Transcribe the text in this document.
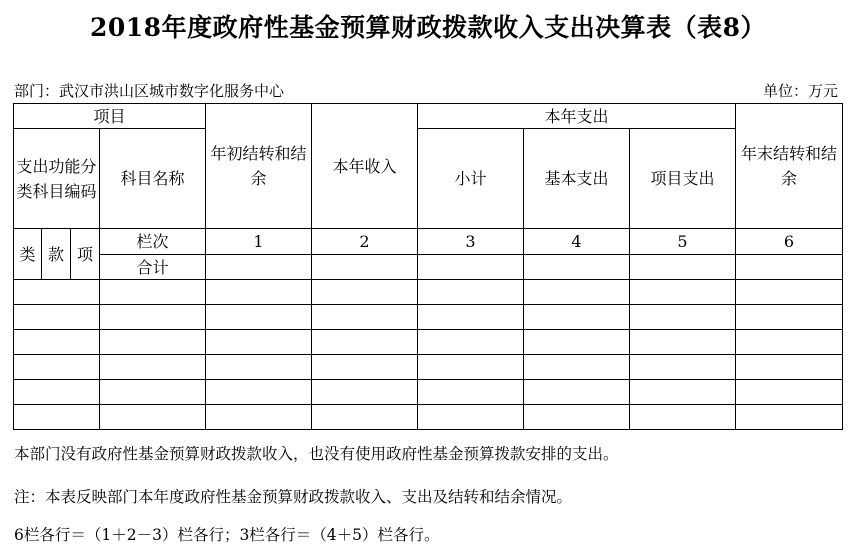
2018年度政府性基金预算财政拨款收入支出决算表（表8）
部门：武汉市洪山区城市数字化服务中心	单位：万元
项目				年初结转和结余	本年收入	本年支出			年末结转和结余
支出功能分类科目编码			科目名称			小计	基本支出	项目支出	
类	款	项	栏次	1	2	3	4	5	6
			合计						

本部门没有政府性基金预算财政拨款收入，也没有使用政府性基金预算拨款安排的支出。
注：本表反映部门本年度政府性基金预算财政拨款收入、支出及结转和结余情况。
6栏各行＝（1＋2－3）栏各行；3栏各行＝（4＋5）栏各行。
